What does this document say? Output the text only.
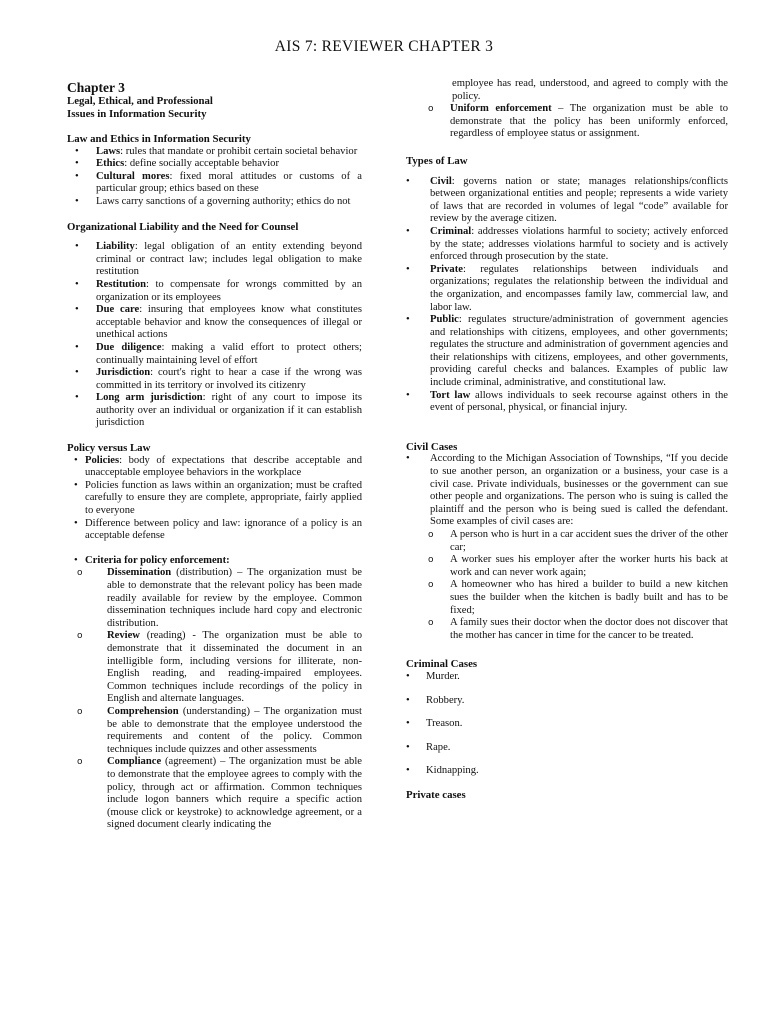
AIS 7: REVIEWER CHAPTER 3
Chapter 3
Legal, Ethical, and Professional
Issues in Information Security
Law and Ethics in Information Security
• Laws: rules that mandate or prohibit certain societal behavior
• Ethics: define socially acceptable behavior
• Cultural mores: fixed moral attitudes or customs of a particular group; ethics based on these
• Laws carry sanctions of a governing authority; ethics do not
Organizational Liability and the Need for Counsel
• Liability: legal obligation of an entity extending beyond criminal or contract law; includes legal obligation to make restitution
• Restitution: to compensate for wrongs committed by an organization or its employees
• Due care: insuring that employees know what constitutes acceptable behavior and know the consequences of illegal or unethical actions
• Due diligence: making a valid effort to protect others; continually maintaining level of effort
• Jurisdiction: court's right to hear a case if the wrong was committed in its territory or involved its citizenry
• Long arm jurisdiction: right of any court to impose its authority over an individual or organization if it can establish jurisdiction
Policy versus Law
• Policies: body of expectations that describe acceptable and unacceptable employee behaviors in the workplace
• Policies function as laws within an organization; must be crafted carefully to ensure they are complete, appropriate, fairly applied to everyone
• Difference between policy and law: ignorance of a policy is an acceptable defense
• Criteria for policy enforcement:
o Dissemination (distribution) – The organization must be able to demonstrate that the relevant policy has been made readily available for review by the employee. Common dissemination techniques include hard copy and electronic distribution.
o Review (reading) - The organization must be able to demonstrate that it disseminated the document in an intelligible form, including versions for illiterate, non-English reading, and reading-impaired employees. Common techniques include recordings of the policy in English and alternate languages.
o Comprehension (understanding) – The organization must be able to demonstrate that the employee understood the requirements and content of the policy. Common techniques include quizzes and other assessments
o Compliance (agreement) – The organization must be able to demonstrate that the employee agrees to comply with the policy, through act or affirmation. Common techniques include logon banners which require a specific action (mouse click or keystroke) to acknowledge agreement, or a signed document clearly indicating the
employee has read, understood, and agreed to comply with the policy.
o Uniform enforcement – The organization must be able to demonstrate that the policy has been uniformly enforced, regardless of employee status or assignment.
Types of Law
• Civil: governs nation or state; manages relationships/conflicts between organizational entities and people; represents a wide variety of laws that are recorded in volumes of legal “code” available for review by the average citizen.
• Criminal: addresses violations harmful to society; actively enforced by the state; addresses violations harmful to society and is actively enforced through prosecution by the state.
• Private: regulates relationships between individuals and organizations; regulates the relationship between the individual and the organization, and encompasses family law, commercial law, and labor law.
• Public: regulates structure/administration of government agencies and relationships with citizens, employees, and other governments; regulates the structure and administration of government agencies and their relationships with citizens, employees, and other governments, providing careful checks and balances. Examples of public law include criminal, administrative, and constitutional law.
• Tort law allows individuals to seek recourse against others in the event of personal, physical, or financial injury.
Civil Cases
• According to the Michigan Association of Townships, “If you decide to sue another person, an organization or a business, your case is a civil case. Private individuals, businesses or the government can sue other people and organizations. The person who is suing is called the plaintiff and the person who is being sued is called the defendant. Some examples of civil cases are:
o A person who is hurt in a car accident sues the driver of the other car;
o A worker sues his employer after the worker hurts his back at work and can never work again;
o A homeowner who has hired a builder to build a new kitchen sues the builder when the kitchen is badly built and has to be fixed;
o A family sues their doctor when the doctor does not discover that the mother has cancer in time for the cancer to be treated.
Criminal Cases
• Murder.
• Robbery.
• Treason.
• Rape.
• Kidnapping.
Private cases
